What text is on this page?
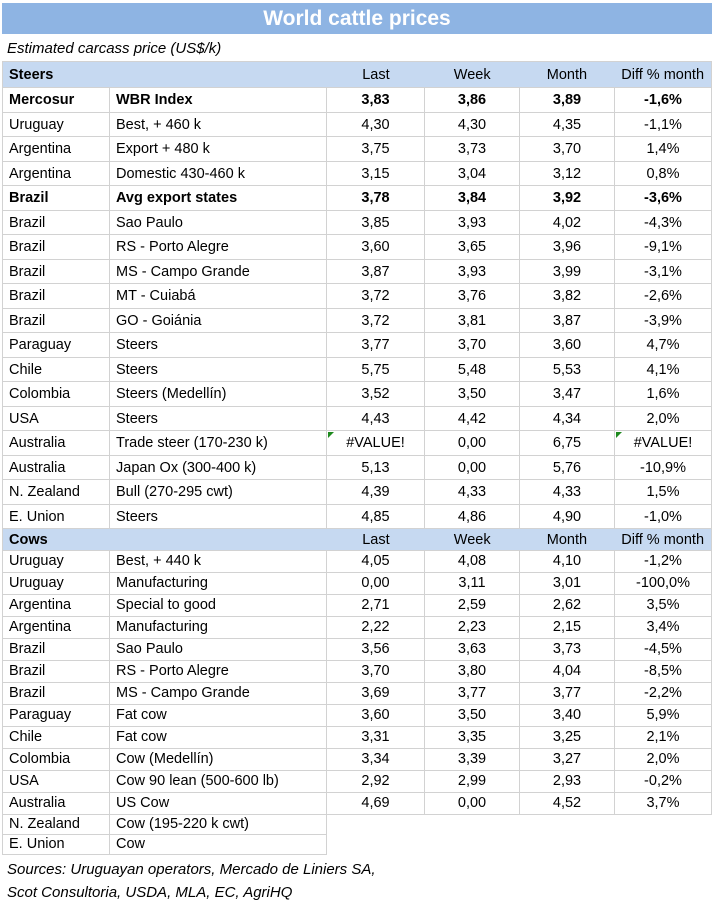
World cattle prices
Estimated carcass price (US$/k)
Steers	Last	Week	Month	Diff % month
Mercosur	WBR Index	3,83	3,86	3,89	-1,6%
Uruguay	Best, + 460 k	4,30	4,30	4,35	-1,1%
Argentina	Export + 480 k	3,75	3,73	3,70	1,4%
Argentina	Domestic 430-460 k	3,15	3,04	3,12	0,8%
Brazil	Avg export states	3,78	3,84	3,92	-3,6%
Brazil	Sao Paulo	3,85	3,93	4,02	-4,3%
Brazil	RS - Porto Alegre	3,60	3,65	3,96	-9,1%
Brazil	MS - Campo Grande	3,87	3,93	3,99	-3,1%
Brazil	MT - Cuiabá	3,72	3,76	3,82	-2,6%
Brazil	GO - Goiánia	3,72	3,81	3,87	-3,9%
Paraguay	Steers	3,77	3,70	3,60	4,7%
Chile	Steers	5,75	5,48	5,53	4,1%
Colombia	Steers (Medellín)	3,52	3,50	3,47	1,6%
USA	Steers	4,43	4,42	4,34	2,0%
Australia	Trade steer (170-230 k)	#VALUE!	0,00	6,75	#VALUE!
Australia	Japan Ox (300-400 k)	5,13	0,00	5,76	-10,9%
N. Zealand	Bull (270-295 cwt)	4,39	4,33	4,33	1,5%
E. Union	Steers	4,85	4,86	4,90	-1,0%
Cows	Last	Week	Month	Diff % month
Uruguay	Best, + 440 k	4,05	4,08	4,10	-1,2%
Uruguay	Manufacturing	0,00	3,11	3,01	-100,0%
Argentina	Special to good	2,71	2,59	2,62	3,5%
Argentina	Manufacturing	2,22	2,23	2,15	3,4%
Brazil	Sao Paulo	3,56	3,63	3,73	-4,5%
Brazil	RS - Porto Alegre	3,70	3,80	4,04	-8,5%
Brazil	MS - Campo Grande	3,69	3,77	3,77	-2,2%
Paraguay	Fat cow	3,60	3,50	3,40	5,9%
Chile	Fat cow	3,31	3,35	3,25	2,1%
Colombia	Cow (Medellín)	3,34	3,39	3,27	2,0%
USA	Cow 90 lean (500-600 lb)	2,92	2,99	2,93	-0,2%
Australia	US Cow	4,69	0,00	4,52	3,7%
N. Zealand	Cow (195-220 k cwt)
E. Union	Cow
Sources: Uruguayan operators, Mercado de Liniers SA,
Scot Consultoria, USDA, MLA, EC, AgriHQ
